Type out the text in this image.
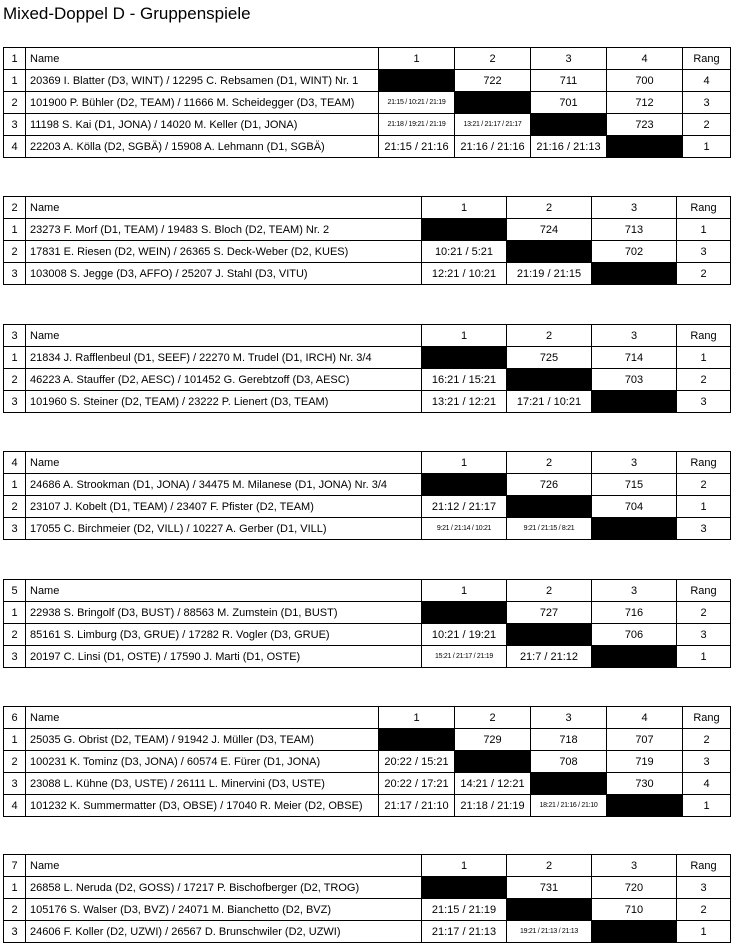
Mixed-Doppel D - Gruppenspiele
1	Name	1	2	3	4	Rang
1	20369 I. Blatter (D3, WINT) / 12295 C. Rebsamen (D1, WINT) Nr. 1		722	711	700	4
2	101900 P. Bühler (D2, TEAM) / 11666 M. Scheidegger (D3, TEAM)	21:15 / 10:21 / 21:19		701	712	3
3	11198 S. Kai (D1, JONA) / 14020 M. Keller (D1, JONA)	21:18 / 19:21 / 21:19	13:21 / 21:17 / 21:17		723	2
4	22203 A. Kölla (D2, SGBÄ) / 15908 A. Lehmann (D1, SGBÄ)	21:15 / 21:16	21:16 / 21:16	21:16 / 21:13		1
2	Name	1	2	3	Rang
1	23273 F. Morf (D1, TEAM) / 19483 S. Bloch (D2, TEAM) Nr. 2		724	713	1
2	17831 E. Riesen (D2, WEIN) / 26365 S. Deck-Weber (D2, KUES)	10:21 / 5:21		702	3
3	103008 S. Jegge (D3, AFFO) / 25207 J. Stahl (D3, VITU)	12:21 / 10:21	21:19 / 21:15		2
3	Name	1	2	3	Rang
1	21834 J. Rafflenbeul (D1, SEEF) / 22270 M. Trudel (D1, IRCH) Nr. 3/4		725	714	1
2	46223 A. Stauffer (D2, AESC) / 101452 G. Gerebtzoff (D3, AESC)	16:21 / 15:21		703	2
3	101960 S. Steiner (D2, TEAM) / 23222 P. Lienert (D3, TEAM)	13:21 / 12:21	17:21 / 10:21		3
4	Name	1	2	3	Rang
1	24686 A. Strookman (D1, JONA) / 34475 M. Milanese (D1, JONA) Nr. 3/4		726	715	2
2	23107 J. Kobelt (D1, TEAM) / 23407 F. Pfister (D2, TEAM)	21:12 / 21:17		704	1
3	17055 C. Birchmeier (D2, VILL) / 10227 A. Gerber (D1, VILL)	9:21 / 21:14 / 10:21	9:21 / 21:15 / 8:21		3
5	Name	1	2	3	Rang
1	22938 S. Bringolf (D3, BUST) / 88563 M. Zumstein (D1, BUST)		727	716	2
2	85161 S. Limburg (D3, GRUE) / 17282 R. Vogler (D3, GRUE)	10:21 / 19:21		706	3
3	20197 C. Linsi (D1, OSTE) / 17590 J. Marti (D1, OSTE)	15:21 / 21:17 / 21:19	21:7 / 21:12		1
6	Name	1	2	3	4	Rang
1	25035 G. Obrist (D2, TEAM) / 91942 J. Müller (D3, TEAM)		729	718	707	2
2	100231 K. Tominz (D3, JONA) / 60574 E. Fürer (D1, JONA)	20:22 / 15:21		708	719	3
3	23088 L. Kühne (D3, USTE) / 26111 L. Minervini (D3, USTE)	20:22 / 17:21	14:21 / 12:21		730	4
4	101232 K. Summermatter (D3, OBSE) / 17040 R. Meier (D2, OBSE)	21:17 / 21:10	21:18 / 21:19	18:21 / 21:16 / 21:10		1
7	Name	1	2	3	Rang
1	26858 L. Neruda (D2, GOSS) / 17217 P. Bischofberger (D2, TROG)		731	720	3
2	105176 S. Walser (D3, BVZ) / 24071 M. Bianchetto (D2, BVZ)	21:15 / 21:19		710	2
3	24606 F. Koller (D2, UZWI) / 26567 D. Brunschwiler (D2, UZWI)	21:17 / 21:13	19:21 / 21:13 / 21:13		1
